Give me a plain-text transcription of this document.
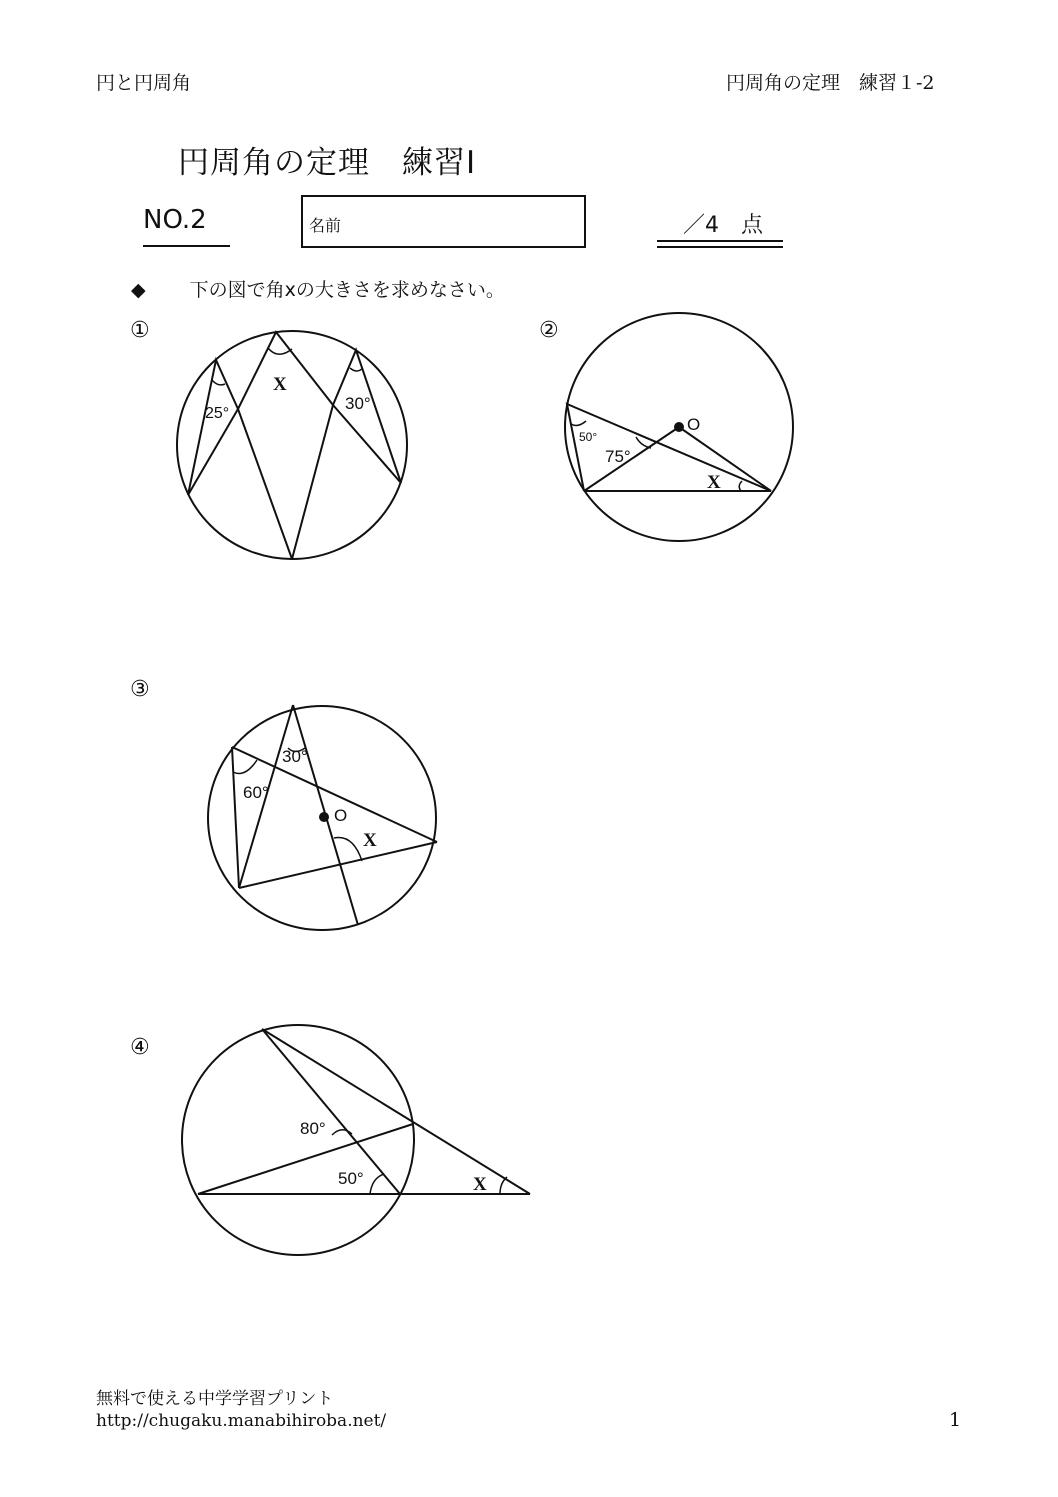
円と円周角	円周角の定理　練習１-2
円周角の定理　練習Ⅰ
NO.2	名前	／4　点
◆ 下の図で角xの大きさを求めなさい。
①	②
③
④
X
25°
30°
O
50°
75°
X
30°
60°
O
X
80°
50°	X
無料で使える中学学習プリント
http://chugaku.manabihiroba.net/	1
